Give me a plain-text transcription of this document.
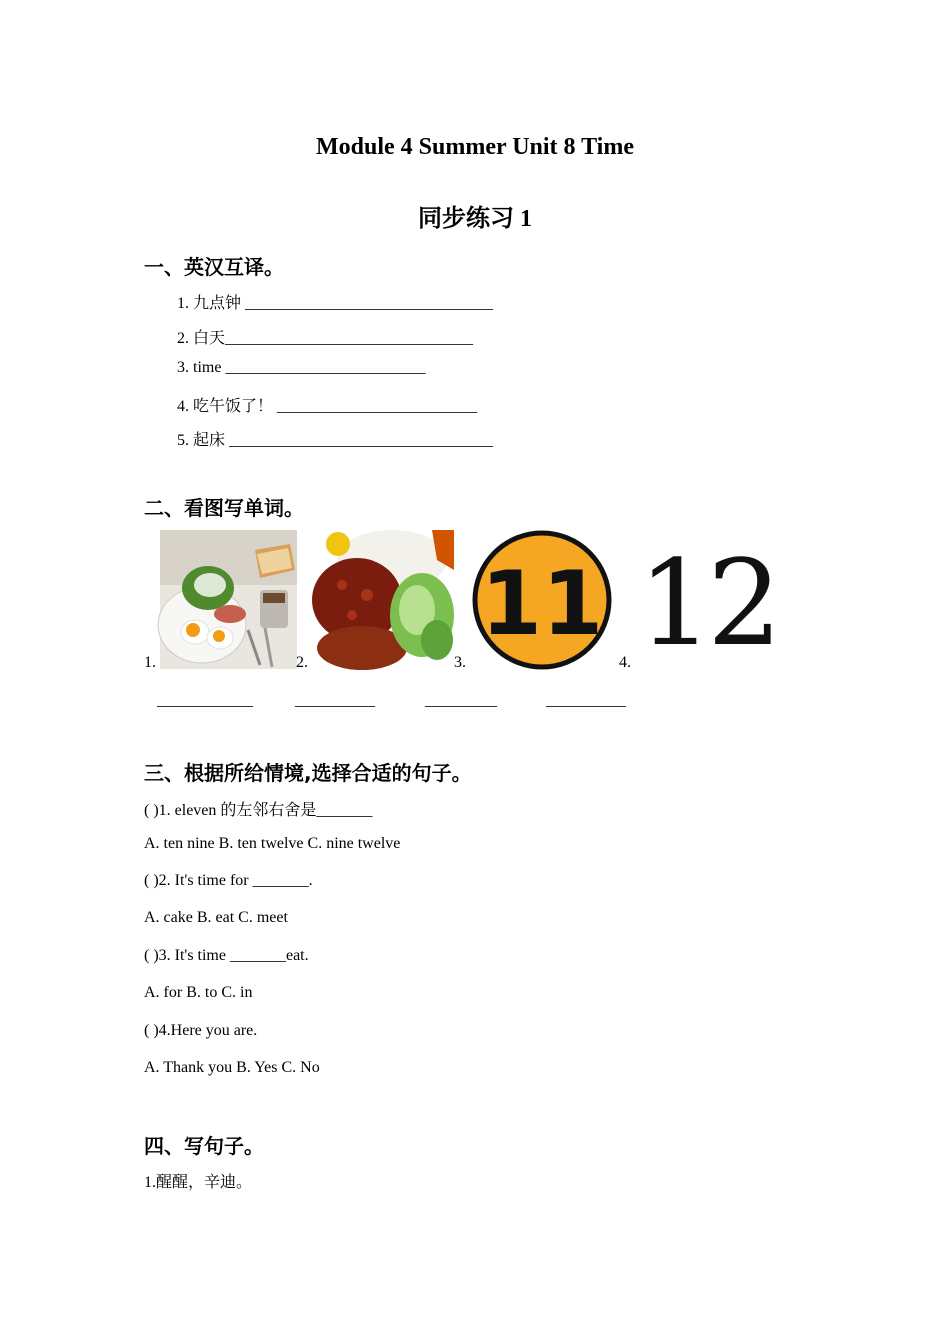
Module 4 Summer Unit 8 Time
同步练习 1
一、英汉互译。
1. 九点钟 _______________________________
2. 白天_______________________________
3. time _________________________
4. 吃午饭了！ _________________________
5. 起床 _________________________________
二、看图写单词。
1.	2.	3.
11
4. 12
____________	__________	_________	__________
三、根据所给情境,选择合适的句子。
( )1. eleven 的左邻右舍是_______
A. ten nine B. ten twelve C. nine twelve
( )2. It's time for _______.
A. cake B. eat C. meet
( )3. It's time _______eat.
A. for B. to C. in
( )4.Here you are.
A. Thank you B. Yes C. No
四、写句子。
1.醒醒，辛迪。
